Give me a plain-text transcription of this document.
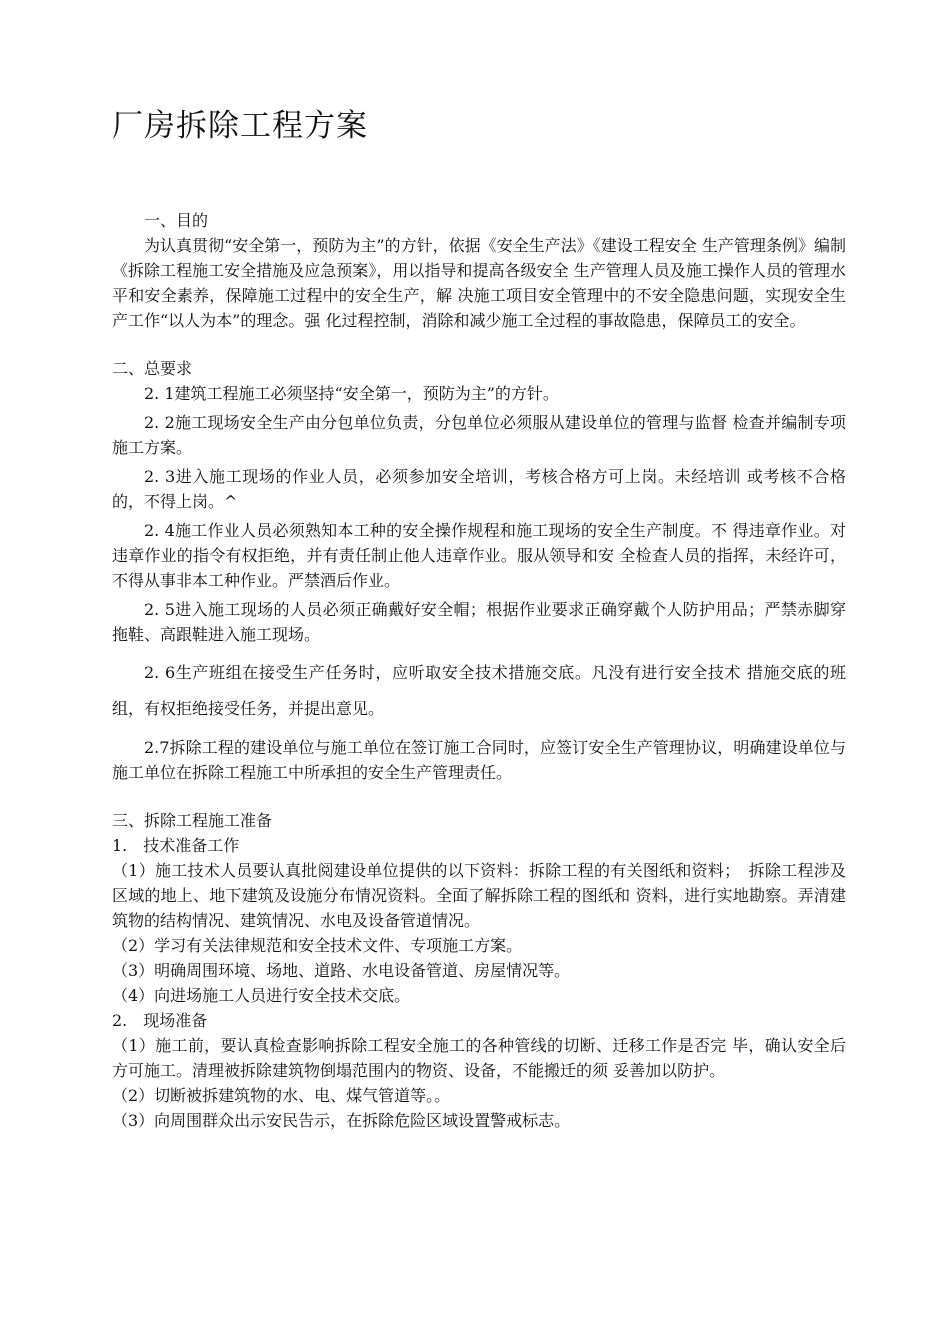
厂房拆除工程方案

一、目的

为认真贯彻“安全第一，预防为主”的方针，依据《安全生产法》《建设工程安全 生产管理条例》编制《拆除工程施工安全措施及应急预案》，用以指导和提高各级安全 生产管理人员及施工操作人员的管理水平和安全素养，保障施工过程中的安全生产，解 决施工项目安全管理中的不安全隐患问题，实现安全生产工作“以人为本”的理念。强 化过程控制，消除和减少施工全过程的事故隐患，保障员工的安全。

二、总要求

2. 1建筑工程施工必须坚持“安全第一，预防为主”的方针。

2. 2施工现场安全生产由分包单位负责，分包单位必须服从建设单位的管理与监督 检查并编制专项施工方案。

2. 3进入施工现场的作业人员，必须参加安全培训，考核合格方可上岗。未经培训 或考核不合格的，不得上岗。^

2. 4施工作业人员必须熟知本工种的安全操作规程和施工现场的安全生产制度。不 得违章作业。对违章作业的指令有权拒绝，并有责任制止他人违章作业。服从领导和安 全检查人员的指挥，未经许可，不得从事非本工种作业。严禁酒后作业。

2. 5进入施工现场的人员必须正确戴好安全帽；根据作业要求正确穿戴个人防护用品；严禁赤脚穿拖鞋、高跟鞋进入施工现场。

2. 6生产班组在接受生产任务时，应听取安全技术措施交底。凡没有进行安全技术 措施交底的班组，有权拒绝接受任务，并提出意见。

2.7拆除工程的建设单位与施工单位在签订施工合同时，应签订安全生产管理协议，明确建设单位与施工单位在拆除工程施工中所承担的安全生产管理责任。

三、拆除工程施工准备

1.　技术准备工作

（1）施工技术人员要认真批阅建设单位提供的以下资料：拆除工程的有关图纸和资料；　拆除工程涉及区域的地上、地下建筑及设施分布情况资料。全面了解拆除工程的图纸和 资料，进行实地勘察。弄清建筑物的结构情况、建筑情况、水电及设备管道情况。

（2）学习有关法律规范和安全技术文件、专项施工方案。

（3）明确周围环境、场地、道路、水电设备管道、房屋情况等。

（4）向进场施工人员进行安全技术交底。

2.　现场准备

（1）施工前，要认真检查影响拆除工程安全施工的各种管线的切断、迁移工作是否完 毕，确认安全后方可施工。清理被拆除建筑物倒塌范围内的物资、设备，不能搬迁的须 妥善加以防护。

（2）切断被拆建筑物的水、电、煤气管道等。。

（3）向周围群众出示安民告示，在拆除危险区域设置警戒标志。
